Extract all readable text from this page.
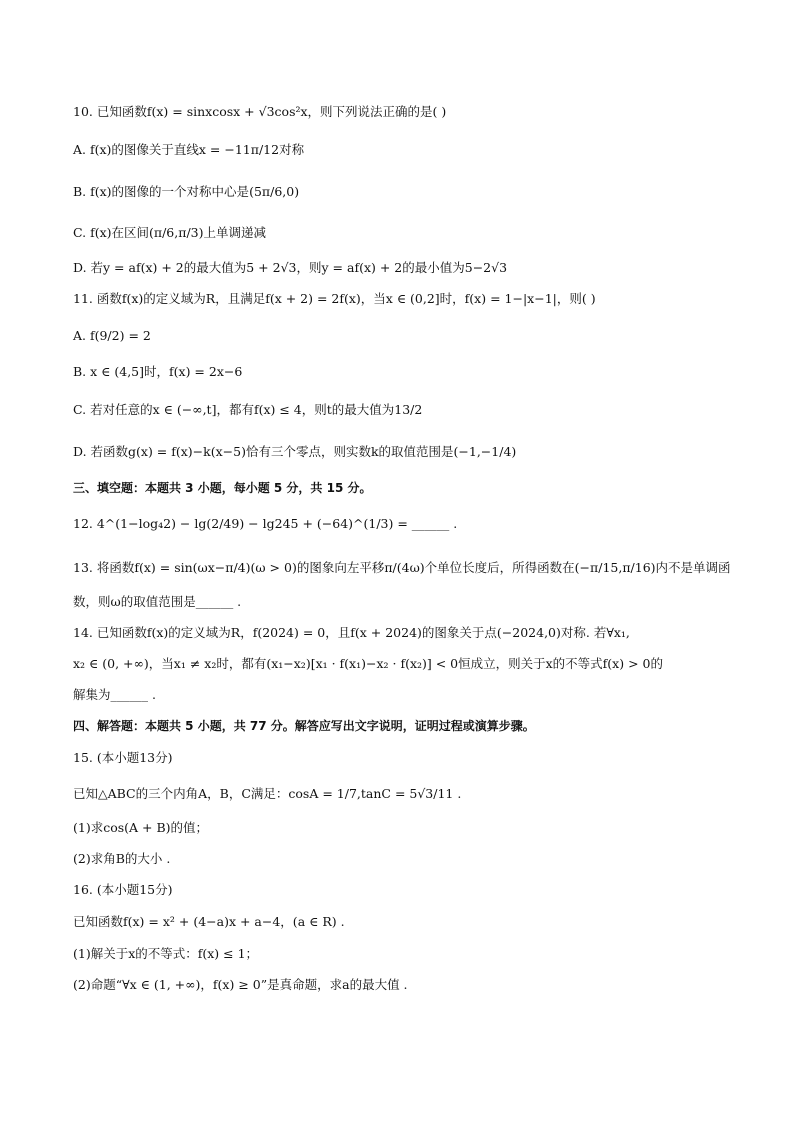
10. 已知函数f(x) = sinxcosx + √3cos²x，则下列说法正确的是( )
A. f(x)的图像关于直线x = −11π/12对称
B. f(x)的图像的一个对称中心是(5π/6,0)
C. f(x)在区间(π/6,π/3)上单调递减
D. 若y = af(x) + 2的最大值为5 + 2√3，则y = af(x) + 2的最小值为5−2√3
11. 函数f(x)的定义域为R，且满足f(x + 2) = 2f(x)，当x ∈ (0,2]时，f(x) = 1−|x−1|，则( )
A. f(9/2) = 2
B. x ∈ (4,5]时，f(x) = 2x−6
C. 若对任意的x ∈ (−∞,t]，都有f(x) ≤ 4，则t的最大值为13/2
D. 若函数g(x) = f(x)−k(x−5)恰有三个零点，则实数k的取值范围是(−1,−1/4)
三、填空题：本题共 3 小题，每小题 5 分，共 15 分。
12. 4^(1−log₄2) − lg(2/49) − lg245 + (−64)^(1/3) = ______ .
13. 将函数f(x) = sin(ωx−π/4)(ω > 0)的图象向左平移π/(4ω)个单位长度后，所得函数在(−π/15,π/16)内不是单调函
数，则ω的取值范围是______ .
14. 已知函数f(x)的定义域为R，f(2024) = 0，且f(x + 2024)的图象关于点(−2024,0)对称. 若∀x₁,
x₂ ∈ (0, +∞)，当x₁ ≠ x₂时，都有(x₁−x₂)[x₁ · f(x₁)−x₂ · f(x₂)] < 0恒成立，则关于x的不等式f(x) > 0的
解集为______ .
四、解答题：本题共 5 小题，共 77 分。解答应写出文字说明，证明过程或演算步骤。
15. (本小题13分)
已知△ABC的三个内角A，B，C满足：cosA = 1/7,tanC = 5√3/11 .
(1)求cos(A + B)的值；
(2)求角B的大小 .
16. (本小题15分)
已知函数f(x) = x² + (4−a)x + a−4，(a ∈ R) .
(1)解关于x的不等式：f(x) ≤ 1；
(2)命题“∀x ∈ (1, +∞)，f(x) ≥ 0”是真命题，求a的最大值 .
